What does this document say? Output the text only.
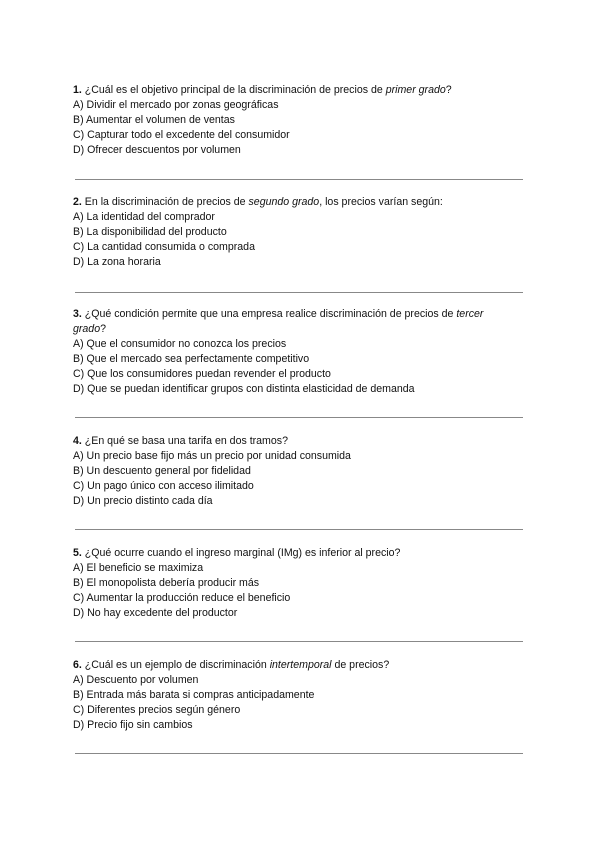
1. ¿Cuál es el objetivo principal de la discriminación de precios de primer grado?

A) Dividir el mercado por zonas geográficas

B) Aumentar el volumen de ventas

C) Capturar todo el excedente del consumidor

D) Ofrecer descuentos por volumen

2. En la discriminación de precios de segundo grado, los precios varían según:

A) La identidad del comprador

B) La disponibilidad del producto

C) La cantidad consumida o comprada

D) La zona horaria

3. ¿Qué condición permite que una empresa realice discriminación de precios de tercer grado?

A) Que el consumidor no conozca los precios

B) Que el mercado sea perfectamente competitivo

C) Que los consumidores puedan revender el producto

D) Que se puedan identificar grupos con distinta elasticidad de demanda

4. ¿En qué se basa una tarifa en dos tramos?

A) Un precio base fijo más un precio por unidad consumida

B) Un descuento general por fidelidad

C) Un pago único con acceso ilimitado

D) Un precio distinto cada día

5. ¿Qué ocurre cuando el ingreso marginal (IMg) es inferior al precio?

A) El beneficio se maximiza

B) El monopolista debería producir más

C) Aumentar la producción reduce el beneficio

D) No hay excedente del productor

6. ¿Cuál es un ejemplo de discriminación intertemporal de precios?

A) Descuento por volumen

B) Entrada más barata si compras anticipadamente

C) Diferentes precios según género

D) Precio fijo sin cambios
